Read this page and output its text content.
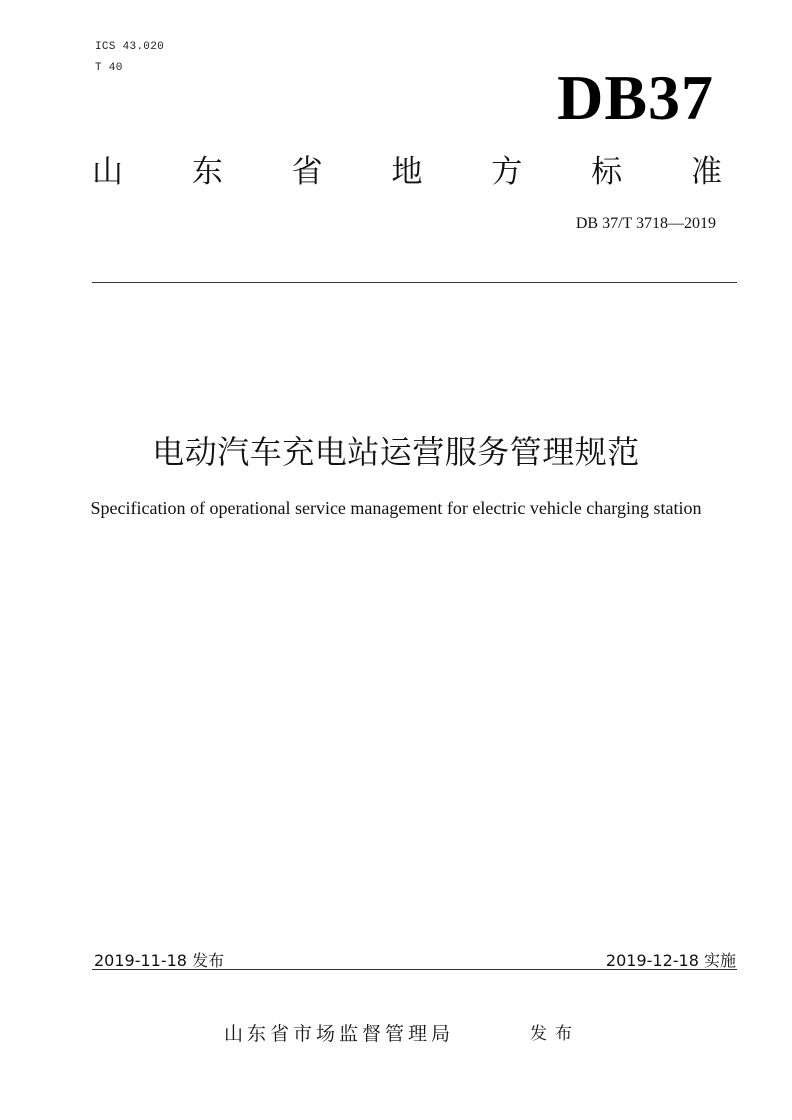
ICS 43.020
T 40	DB37
山 东 省 地 方 标 准
DB 37/T 3718—2019
电动汽车充电站运营服务管理规范
Specification of operational service management for electric vehicle charging station
2019-11-18 发布	2019-12-18 实施
山东省市场监督管理局	发布
